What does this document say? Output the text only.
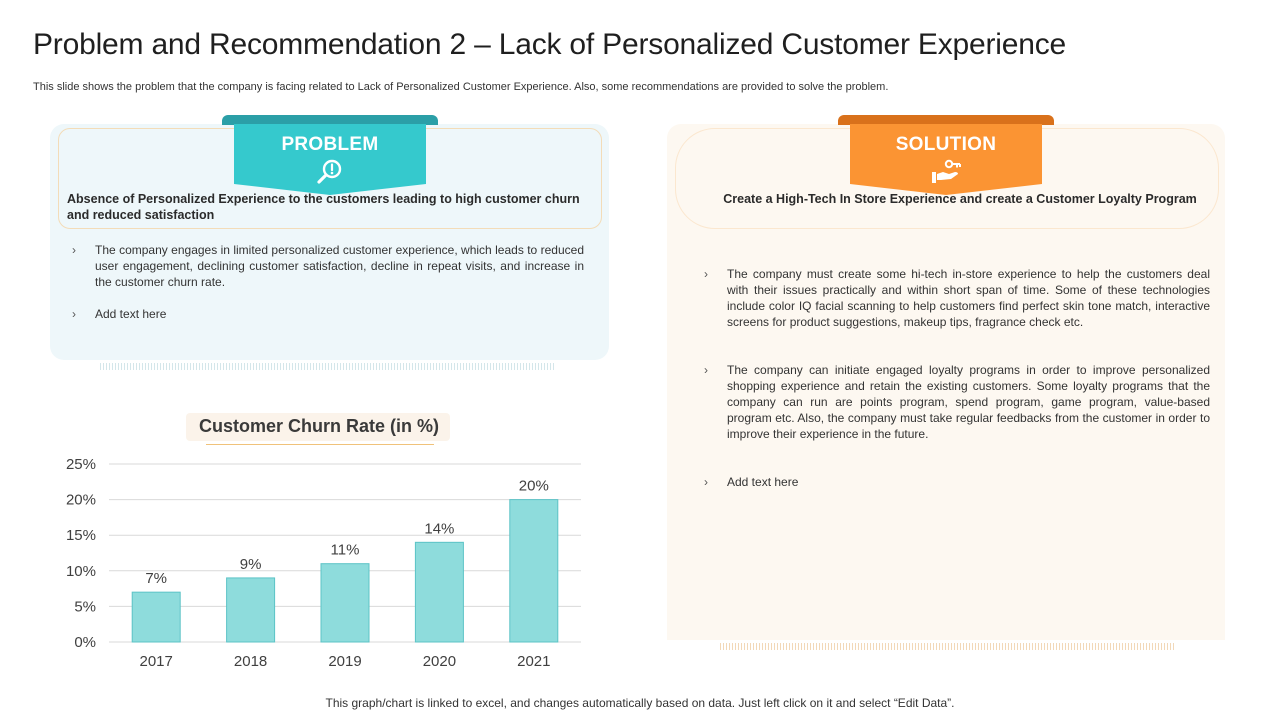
Problem and Recommendation 2 – Lack of Personalized Customer Experience

This slide shows the problem that the company is facing related to Lack of Personalized Customer Experience. Also, some recommendations are provided to solve the problem.

PROBLEM
Absence of Personalized Experience to the customers leading to high customer churn and reduced satisfaction
› The company engages in limited personalized customer experience, which leads to reduced user engagement, declining customer satisfaction, decline in repeat visits, and increase in the customer churn rate.
› Add text here
SOLUTION
Create a High-Tech In Store Experience and create a Customer Loyalty Program
› The company must create some hi-tech in-store experience to help the customers deal with their issues practically and within short span of time. Some of these technologies include color IQ facial scanning to help customers find perfect skin tone match, interactive screens for product suggestions, makeup tips, fragrance check etc.
› The company can initiate engaged loyalty programs in order to improve personalized shopping experience and retain the existing customers. Some loyalty programs that the company can run are points program, spend program, game program, value-based program etc. Also, the company must take regular feedbacks from the customer in order to improve their experience in the future.
› Add text here
Customer Churn Rate (in %)
0%
5%
10%
15%
20%
25%
7%
2017
9%
2018
11%
2019
14%
2020
20%
2021
This graph/chart is linked to excel, and changes automatically based on data. Just left click on it and select “Edit Data”.
